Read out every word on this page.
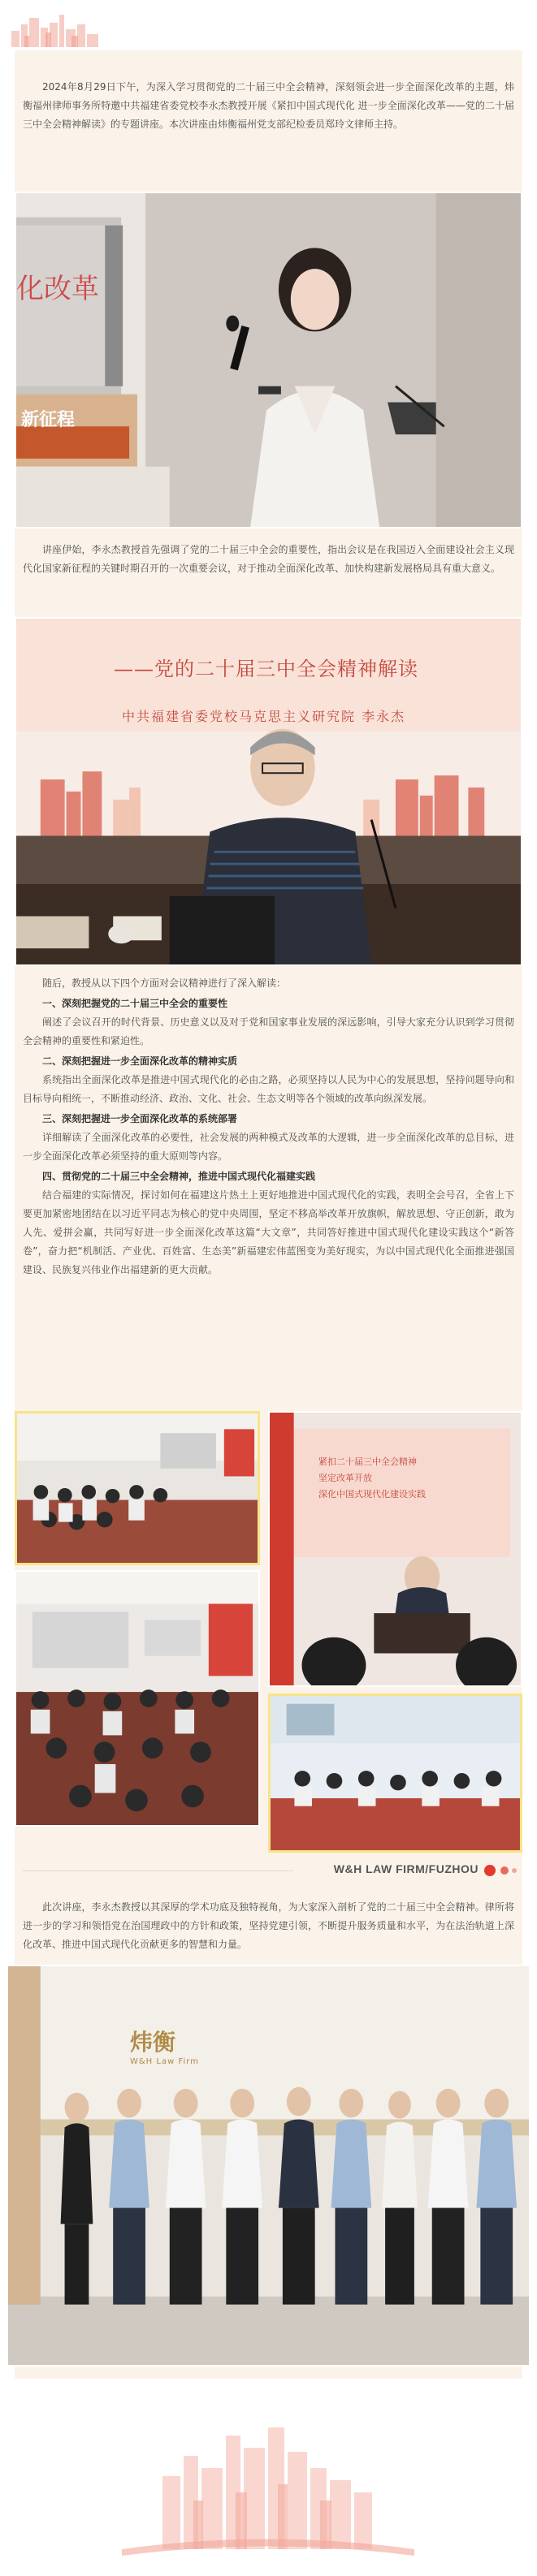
2024年8月29日下午，为深入学习贯彻党的二十届三中全会精神，深刻领会进一步全面深化改革的主题，炜衡福州律师事务所特邀中共福建省委党校李永杰教授开展《紧扣中国式现代化 进一步全面深化改革——党的二十届三中全会精神解读》的专题讲座。本次讲座由炜衡福州党支部纪检委员郑玲文律师主持。

化改革
新征程

讲座伊始，李永杰教授首先强调了党的二十届三中全会的重要性，指出会议是在我国迈入全面建设社会主义现代化国家新征程的关键时期召开的一次重要会议，对于推动全面深化改革、加快构建新发展格局具有重大意义。

——党的二十届三中全会精神解读
中共福建省委党校马克思主义研究院 李永杰

随后，教授从以下四个方面对会议精神进行了深入解读：

一、深刻把握党的二十届三中全会的重要性

阐述了会议召开的时代背景、历史意义以及对于党和国家事业发展的深远影响，引导大家充分认识到学习贯彻全会精神的重要性和紧迫性。

二、深刻把握进一步全面深化改革的精神实质

系统指出全面深化改革是推进中国式现代化的必由之路，必须坚持以人民为中心的发展思想，坚持问题导向和目标导向相统一，不断推动经济、政治、文化、社会、生态文明等各个领域的改革向纵深发展。

三、深刻把握进一步全面深化改革的系统部署

详细解读了全面深化改革的必要性，社会发展的两种模式及改革的大逻辑，进一步全面深化改革的总目标，进一步全面深化改革必须坚持的重大原则等内容。

四、贯彻党的二十届三中全会精神，推进中国式现代化福建实践

结合福建的实际情况，探讨如何在福建这片热土上更好地推进中国式现代化的实践，表明全会号召，全省上下要更加紧密地团结在以习近平同志为核心的党中央周围，坚定不移高举改革开放旗帜，解放思想、守正创新，敢为人先、爱拼会赢，共同写好进一步全面深化改革这篇“大文章”，共同答好推进中国式现代化建设实践这个“新答卷”，奋力把“机制活、产业优、百姓富、生态美”新福建宏伟蓝图变为美好现实，为以中国式现代化全面推进强国建设、民族复兴伟业作出福建新的更大贡献。

紧扣二十届三中全会精神
坚定改革开放
深化中国式现代化建设实践
W&H LAW FIRM/FUZHOU

此次讲座，李永杰教授以其深厚的学术功底及独特视角，为大家深入剖析了党的二十届三中全会精神。律所将进一步的学习和领悟党在治国理政中的方针和政策，坚持党建引领，不断提升服务质量和水平，为在法治轨道上深化改革、推进中国式现代化贡献更多的智慧和力量。

炜衡
W&H Law Firm
